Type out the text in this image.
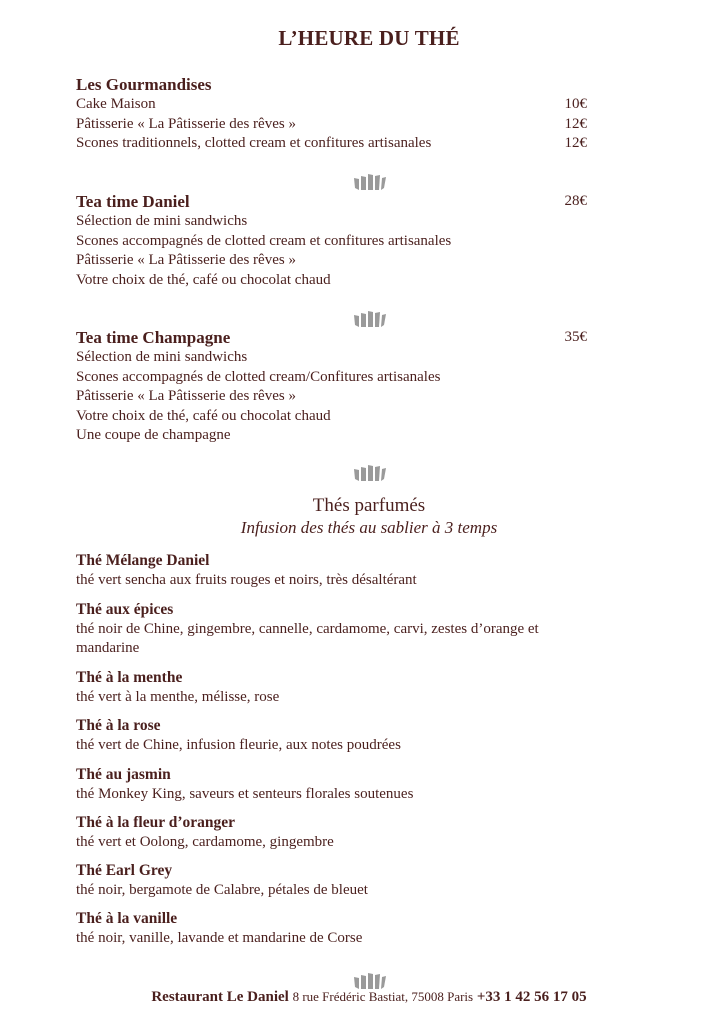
L’HEURE DU THÉ
Les Gourmandises
Cake Maison	10€
Pâtisserie « La Pâtisserie des rêves »	12€
Scones traditionnels, clotted cream et confitures artisanales	12€
Tea time Daniel	28€
Sélection de mini sandwichs
Scones accompagnés de clotted cream et confitures artisanales
Pâtisserie « La Pâtisserie des rêves »
Votre choix de thé, café ou chocolat chaud
Tea time Champagne	35€
Sélection de mini sandwichs
Scones accompagnés de clotted cream/Confitures artisanales
Pâtisserie « La Pâtisserie des rêves »
Votre choix de thé, café ou chocolat chaud
Une coupe de champagne
Thés parfumés
Infusion des thés au sablier à 3 temps
Thé Mélange Daniel
thé vert sencha aux fruits rouges et noirs, très désaltérant
Thé aux épices
thé noir de Chine, gingembre, cannelle, cardamome, carvi, zestes d’orange et mandarine
Thé à la menthe
thé vert à la menthe, mélisse, rose
Thé à la rose
thé vert de Chine, infusion fleurie, aux notes poudrées
Thé au jasmin
thé Monkey King, saveurs et senteurs florales soutenues
Thé à la fleur d’oranger
thé vert et Oolong, cardamome, gingembre
Thé Earl Grey
thé noir, bergamote de Calabre, pétales de bleuet
Thé à la vanille
thé noir, vanille, lavande et mandarine de Corse
Restaurant Le Daniel 8 rue Frédéric Bastiat, 75008 Paris +33 1 42 56 17 05
